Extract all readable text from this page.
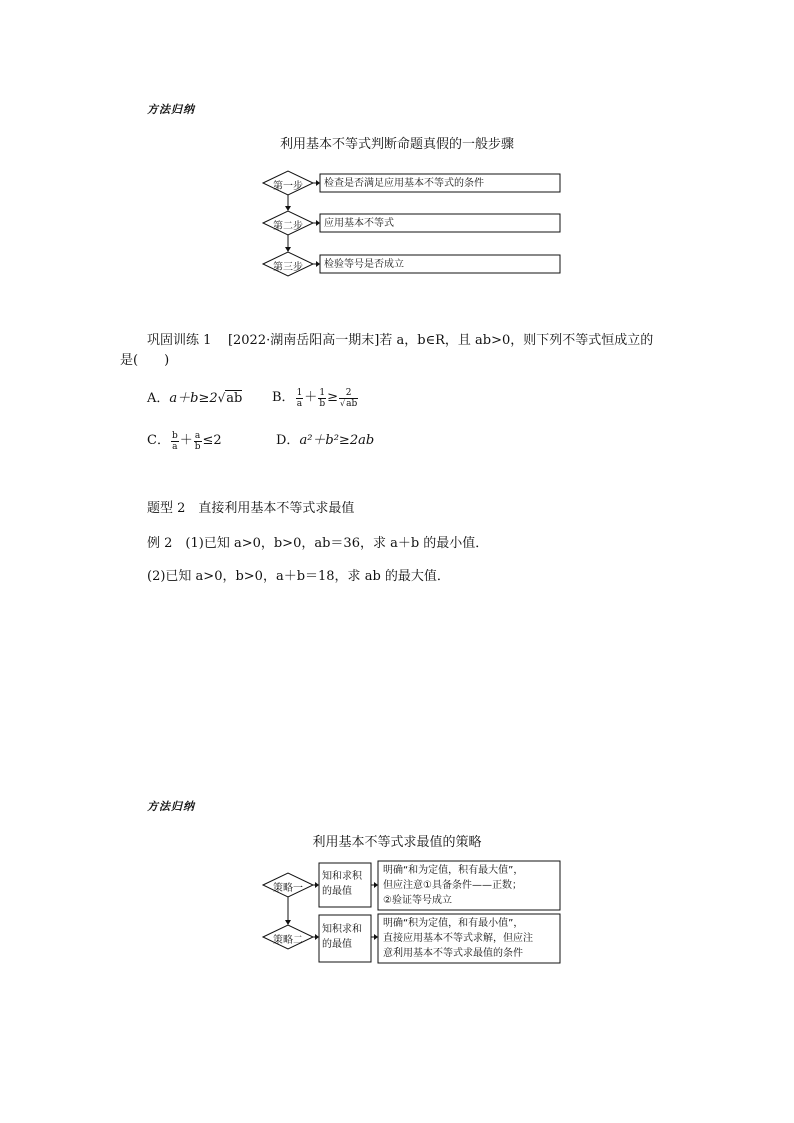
方法归纳
利用基本不等式判断命题真假的一般步骤
第一步
第二步
第三步
检查是否满足应用基本不等式的条件
应用基本不等式
检验等号是否成立
巩固训练 1 [2022·湖南岳阳高一期末]若 a，b∈R，且 ab>0，则下列不等式恒成立的
是(　　)
A．a＋b≥2√ab B． $\frac{1}{a} + \frac{1}{b} \ge \frac{2}{√ab}$
C． $\frac{b}{a} + \frac{a}{b} \le 2$	D．a²＋b²≥2ab
题型 2　直接利用基本不等式求最值
例 2　(1)已知 a>0，b>0，ab＝36，求 a＋b 的最小值．
(2)已知 a>0，b>0，a＋b＝18，求 ab 的最大值．
方法归纳
利用基本不等式求最值的策略
策略一
策略二
知和求积
的最值
知积求和
的最值
明确“和为定值，积有最大值”，
但应注意①具备条件——正数；
②验证等号成立
明确“积为定值，和有最小值”，
直接应用基本不等式求解，但应注
意利用基本不等式求最值的条件
